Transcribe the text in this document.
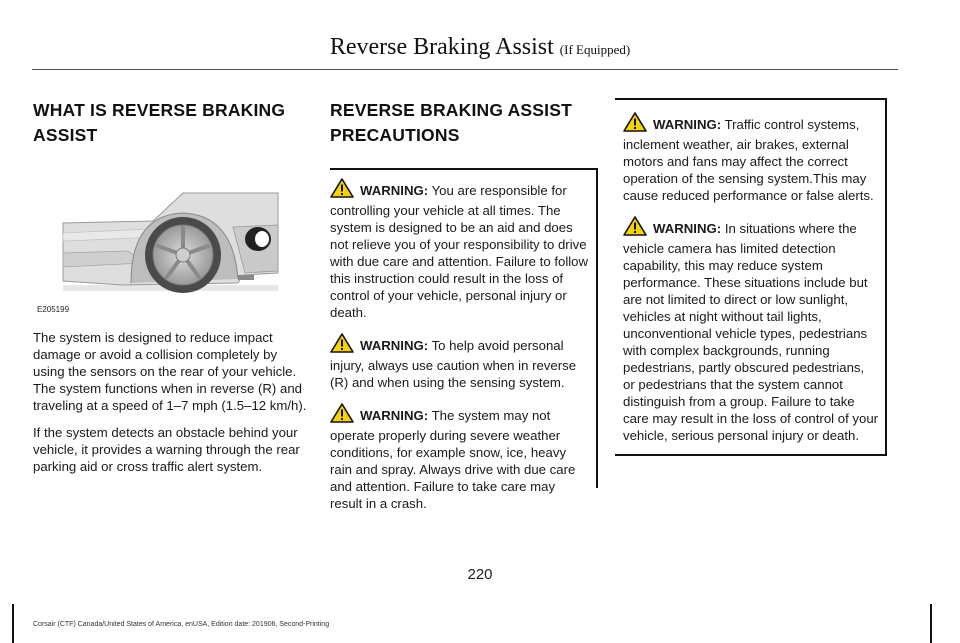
Reverse Braking Assist (If Equipped)
WHAT IS REVERSE BRAKING
ASSIST
E205199

The system is designed to reduce impact damage or avoid a collision completely by using the sensors on the rear of your vehicle. The system functions when in reverse (R) and traveling at a speed of 1–7 mph (1.5–12 km/h).

If the system detects an obstacle behind your vehicle, it provides a warning through the rear parking aid or cross traffic alert system.

REVERSE BRAKING ASSIST
PRECAUTIONS
WARNING: You are responsible for controlling your vehicle at all times. The system is designed to be an aid and does not relieve you of your responsibility to drive with due care and attention. Failure to follow this instruction could result in the loss of control of your vehicle, personal injury or death.
WARNING: To help avoid personal injury, always use caution when in reverse (R) and when using the sensing system.
WARNING: The system may not operate properly during severe weather conditions, for example snow, ice, heavy rain and spray. Always drive with due care and attention. Failure to take care may result in a crash.
WARNING: Traffic control systems, inclement weather, air brakes, external motors and fans may affect the correct operation of the sensing system.This may cause reduced performance or false alerts.
WARNING: In situations where the vehicle camera has limited detection capability, this may reduce system performance. These situations include but are not limited to direct or low sunlight, vehicles at night without tail lights, unconventional vehicle types, pedestrians with complex backgrounds, running pedestrians, partly obscured pedestrians, or pedestrians that the system cannot distinguish from a group. Failure to take care may result in the loss of control of your vehicle, serious personal injury or death.
220
Corsair (CTF) Canada/United States of America, enUSA, Edition date: 201906, Second-Printing
